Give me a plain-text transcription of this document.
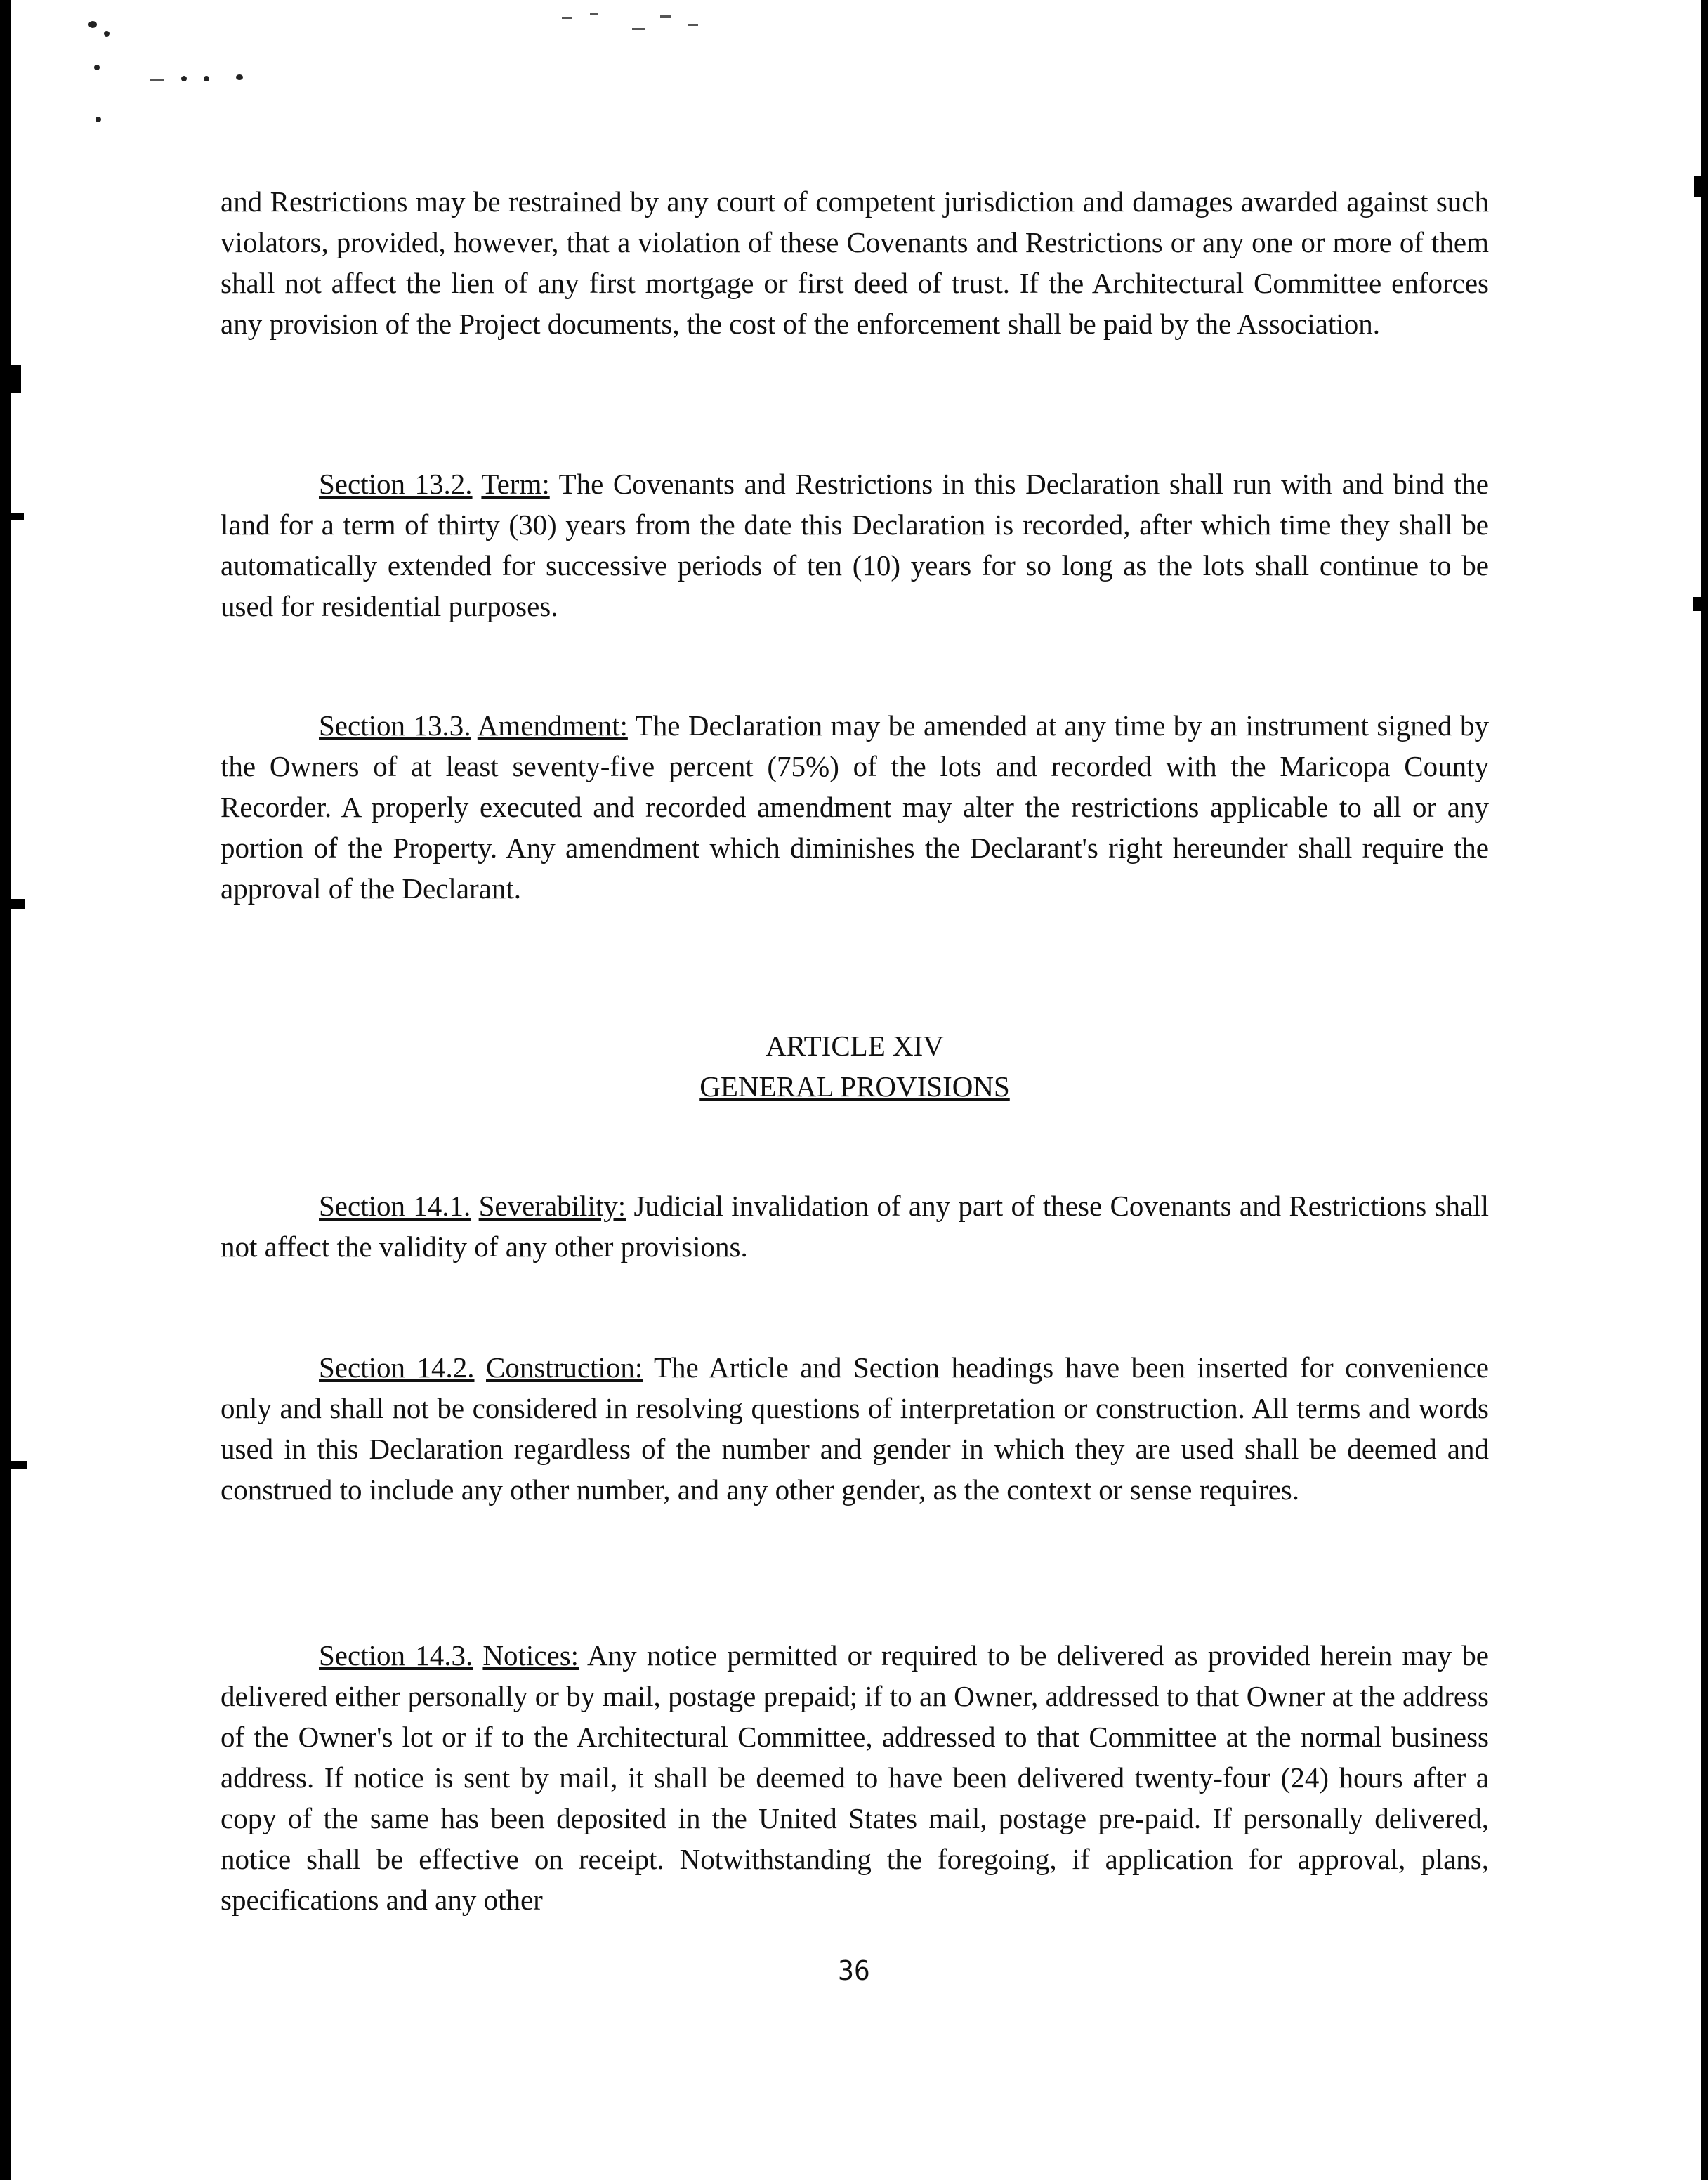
and Restrictions may be restrained by any court of competent jurisdiction and damages awarded against such violators, provided, however, that a violation of these Covenants and Restrictions or any one or more of them shall not affect the lien of any first mortgage or first deed of trust. If the Architectural Committee enforces any provision of the Project documents, the cost of the enforcement shall be paid by the Association.

Section 13.2. Term: The Covenants and Restrictions in this Declaration shall run with and bind the land for a term of thirty (30) years from the date this Declaration is recorded, after which time they shall be automatically extended for successive periods of ten (10) years for so long as the lots shall continue to be used for residential purposes.

Section 13.3. Amendment: The Declaration may be amended at any time by an instrument signed by the Owners of at least seventy-five percent (75%) of the lots and recorded with the Maricopa County Recorder. A properly executed and recorded amendment may alter the restrictions applicable to all or any portion of the Property. Any amendment which diminishes the Declarant's right hereunder shall require the approval of the Declarant.

ARTICLE XIV
GENERAL PROVISIONS

Section 14.1. Severability: Judicial invalidation of any part of these Covenants and Restrictions shall not affect the validity of any other provisions.

Section 14.2. Construction: The Article and Section headings have been inserted for convenience only and shall not be considered in resolving questions of interpretation or construction. All terms and words used in this Declaration regardless of the number and gender in which they are used shall be deemed and construed to include any other number, and any other gender, as the context or sense requires.

Section 14.3. Notices: Any notice permitted or required to be delivered as provided herein may be delivered either personally or by mail, postage prepaid; if to an Owner, addressed to that Owner at the address of the Owner's lot or if to the Architectural Committee, addressed to that Committee at the normal business address. If notice is sent by mail, it shall be deemed to have been delivered twenty-four (24) hours after a copy of the same has been deposited in the United States mail, postage pre-paid. If personally delivered, notice shall be effective on receipt. Notwithstanding the foregoing, if application for approval, plans, specifications and any other

36
